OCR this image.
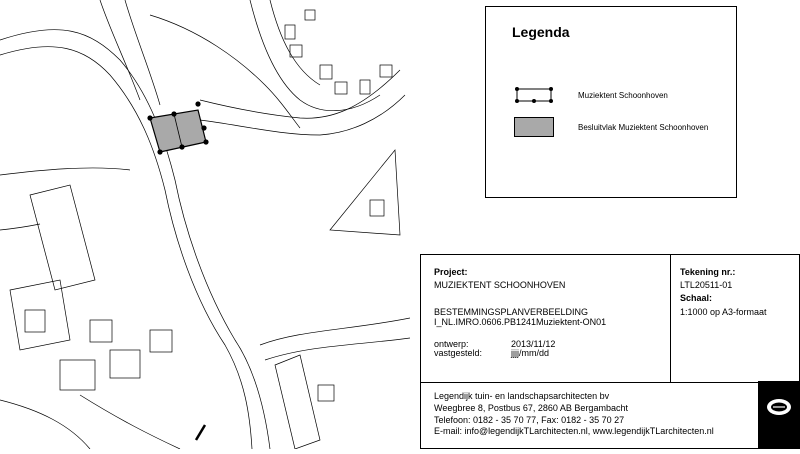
Legenda
Muziektent Schoonhoven
Besluitvlak Muziektent Schoonhoven
Project:
MUZIEKTENT SCHOONHOVEN
BESTEMMINGSPLANVERBEELDING
I_NL.IMRO.0606.PB1241Muziektent-ON01
ontwerp:	2013/11/12
vastgesteld:	jjjj/mm/dd
Tekening nr.:
LTL20511-01
Schaal:
1:1000 op A3-formaat
Legendijk tuin- en landschapsarchitecten bv
Weegbree 8, Postbus 67, 2860 AB Bergambacht
Telefoon: 0182 - 35 70 77, Fax: 0182 - 35 70 27
E-mail: info@legendijkTLarchitecten.nl, www.legendijkTLarchitecten.nl
